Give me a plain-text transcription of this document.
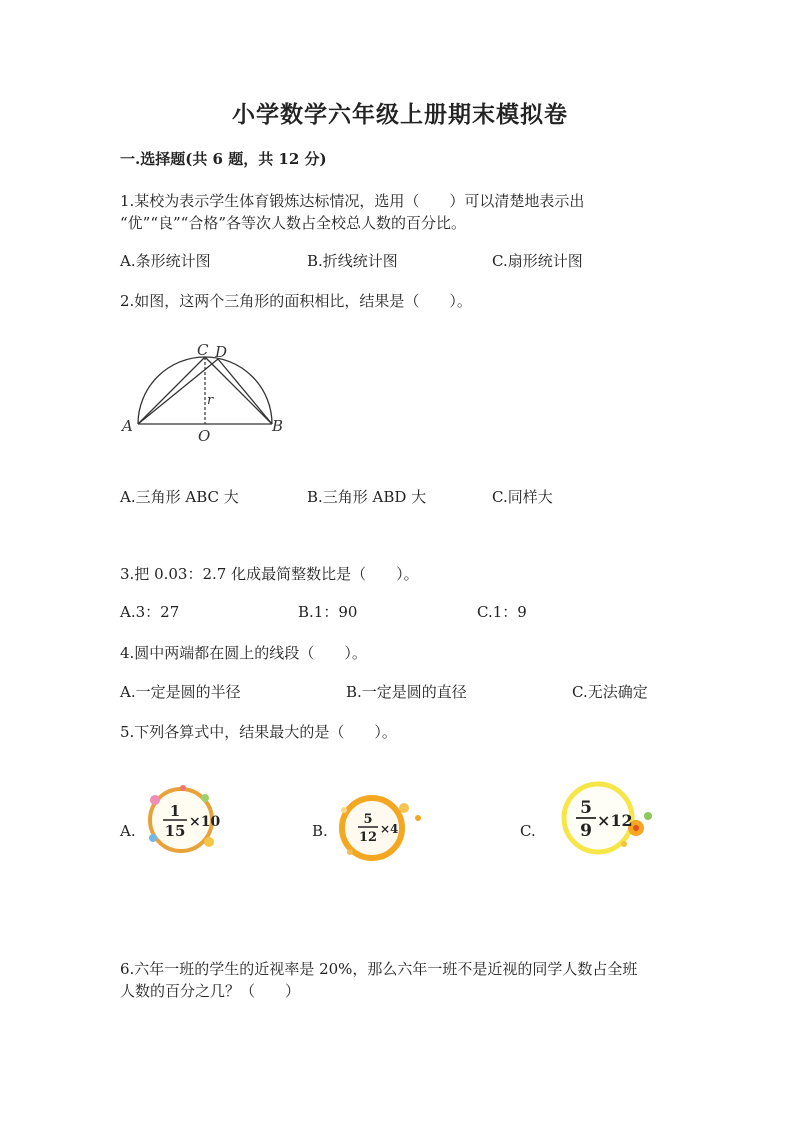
小学数学六年级上册期末模拟卷
一.选择题(共 6 题，共 12 分)
1.某校为表示学生体育锻炼达标情况，选用（　　）可以清楚地表示出
“优”“良”“合格”各等次人数占全校总人数的百分比。
A.条形统计图	B.折线统计图	C.扇形统计图
2.如图，这两个三角形的面积相比，结果是（　　）。
C D
A	B
O
r
A.三角形 ABC 大	B.三角形 ABD 大	C.同样大
3.把 0.03：2.7 化成最简整数比是（　　）。
A.3：27	B.1：90	C.1：9
4.圆中两端都在圆上的线段（　　）。
A.一定是圆的半径	B.一定是圆的直径	C.无法确定
5.下列各算式中，结果最大的是（　　）。
A.
1
15 ×10	B.
5
12
×4	C.
5
9
×12
6.六年一班的学生的近视率是 20%，那么六年一班不是近视的同学人数占全班
人数的百分之几？（　　）
